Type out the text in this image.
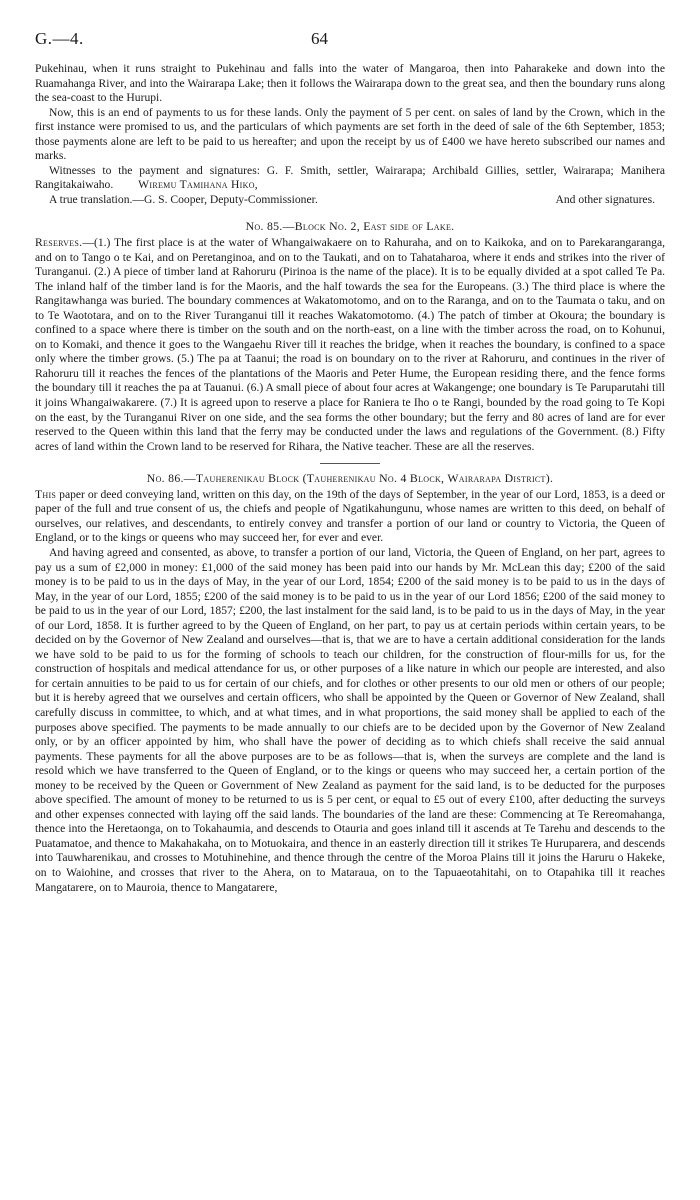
G.—4.	64

Pukehinau, when it runs straight to Pukehinau and falls into the water of Mangaroa, then into Paharakeke and down into the Ruamahanga River, and into the Wairarapa Lake; then it follows the Wairarapa down to the great sea, and then the boundary runs along the sea-coast to the Hurupi.

Now, this is an end of payments to us for these lands. Only the payment of 5 per cent. on sales of land by the Crown, which in the first instance were promised to us, and the particulars of which payments are set forth in the deed of sale of the 6th September, 1853; those payments alone are left to be paid to us hereafter; and upon the receipt by us of £400 we have hereto subscribed our names and marks.

Witnesses to the payment and signatures: G. F. Smith, settler, Wairarapa; Archibald Gillies, settler, Wairarapa; Manihera Rangitakaiwaho. Wiremu Tamihana Hiko,

A true translation.—G. S. Cooper, Deputy-Commissioner.	And other signatures.
No. 85.—Block No. 2, East side of Lake.

Reserves.—(1.) The first place is at the water of Whangaiwakaere on to Rahuraha, and on to Kaikoka, and on to Parekarangaranga, and on to Tango o te Kai, and on Peretanginoa, and on to the Taukati, and on to Tahataharoa, where it ends and strikes into the river of Turanganui. (2.) A piece of timber land at Rahoruru (Pirinoa is the name of the place). It is to be equally divided at a spot called Te Pa. The inland half of the timber land is for the Maoris, and the half towards the sea for the Europeans. (3.) The third place is where the Rangitawhanga was buried. The boundary commences at Wakatomotomo, and on to the Raranga, and on to the Taumata o taku, and on to Te Waototara, and on to the River Turanganui till it reaches Wakatomotomo. (4.) The patch of timber at Okoura; the boundary is confined to a space where there is timber on the south and on the north-east, on a line with the timber across the road, on to Kohunui, on to Komaki, and thence it goes to the Wangaehu River till it reaches the bridge, when it reaches the boundary, is confined to a space only where the timber grows. (5.) The pa at Taanui; the road is on boundary on to the river at Rahoruru, and continues in the river of Rahoruru till it reaches the fences of the plantations of the Maoris and Peter Hume, the European residing there, and the fence forms the boundary till it reaches the pa at Tauanui. (6.) A small piece of about four acres at Wakangenge; one boundary is Te Paruparutahi till it joins Whangaiwakarere. (7.) It is agreed upon to reserve a place for Raniera te Iho o te Rangi, bounded by the road going to Te Kopi on the east, by the Turanganui River on one side, and the sea forms the other boundary; but the ferry and 80 acres of land are for ever reserved to the Queen within this land that the ferry may be conducted under the laws and regulations of the Government. (8.) Fifty acres of land within the Crown land to be reserved for Rihara, the Native teacher. These are all the reserves.

No. 86.—Tauherenikau Block (Tauherenikau No. 4 Block, Wairarapa District).

This paper or deed conveying land, written on this day, on the 19th of the days of September, in the year of our Lord, 1853, is a deed or paper of the full and true consent of us, the chiefs and people of Ngatikahungunu, whose names are written to this deed, on behalf of ourselves, our relatives, and descendants, to entirely convey and transfer a portion of our land or country to Victoria, the Queen of England, or to the kings or queens who may succeed her, for ever and ever.

And having agreed and consented, as above, to transfer a portion of our land, Victoria, the Queen of England, on her part, agrees to pay us a sum of £2,000 in money: £1,000 of the said money has been paid into our hands by Mr. McLean this day; £200 of the said money is to be paid to us in the days of May, in the year of our Lord, 1854; £200 of the said money is to be paid to us in the days of May, in the year of our Lord, 1855; £200 of the said money is to be paid to us in the year of our Lord 1856; £200 of the said money to be paid to us in the year of our Lord, 1857; £200, the last instalment for the said land, is to be paid to us in the days of May, in the year of our Lord, 1858. It is further agreed to by the Queen of England, on her part, to pay us at certain periods within certain years, to be decided on by the Governor of New Zealand and ourselves—that is, that we are to have a certain additional consideration for the lands we have sold to be paid to us for the forming of schools to teach our children, for the construction of flour-mills for us, for the construction of hospitals and medical attendance for us, or other purposes of a like nature in which our people are interested, and also for certain annuities to be paid to us for certain of our chiefs, and for clothes or other presents to our old men or others of our people; but it is hereby agreed that we ourselves and certain officers, who shall be appointed by the Queen or Governor of New Zealand, shall carefully discuss in committee, to which, and at what times, and in what proportions, the said money shall be applied to each of the purposes above specified. The payments to be made annually to our chiefs are to be decided upon by the Governor of New Zealand only, or by an officer appointed by him, who shall have the power of deciding as to which chiefs shall receive the said annual payments. These payments for all the above purposes are to be as follows—that is, when the surveys are complete and the land is resold which we have transferred to the Queen of England, or to the kings or queens who may succeed her, a certain portion of the money to be received by the Queen or Government of New Zealand as payment for the said land, is to be deducted for the purposes above specified. The amount of money to be returned to us is 5 per cent, or equal to £5 out of every £100, after deducting the surveys and other expenses connected with laying off the said lands. The boundaries of the land are these: Commencing at Te Rereomahanga, thence into the Heretaonga, on to Tokahaumia, and descends to Otauria and goes inland till it ascends at Te Tarehu and descends to the Puatamatoe, and thence to Makahakaha, on to Motuokaira, and thence in an easterly direction till it strikes Te Huruparera, and descends into Tauwharenikau, and crosses to Motuhinehine, and thence through the centre of the Moroa Plains till it joins the Haruru o Hakeke, on to Waiohine, and crosses that river to the Ahera, on to Mataraua, on to the Tapuaeotahitahi, on to Otapahika till it reaches Mangatarere, on to Mauroia, thence to Mangatarere,
